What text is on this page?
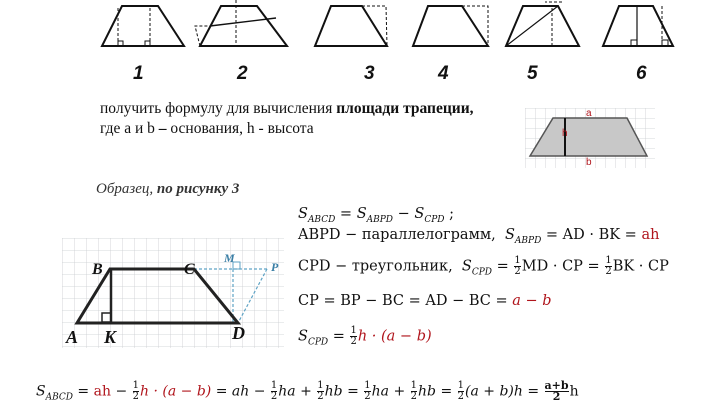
1	2	3	4	5	6
получить формулу для вычисления площади трапеции,
где a и b – основания, h - высота
a
h
b
Образец, по рисунку 3
B	C
M
P
A K	D
$S_{ABCD} = S_{ABPD} - S_{CPD}$ ;
ABPD − параллелограмм, $S_{ABPD}$ = AD · BK = ah
CPD − треугольник, $S_{CPD} = \frac{1}{2}$ MD · CP = $\frac{1}{2}$ BK · CP
CP = BP − BC = AD − BC = a − b
$S_{CPD} = \frac{1}{2}$ h · (a − b)
$S_{ABCD}$ = ah − $\frac{1}{2}$ h · (a − b) = ah − $\frac{1}{2}$ ha + $\frac{1}{2}$ hb = $\frac{1}{2}$ ha + $\frac{1}{2}$ hb = $\frac{1}{2} (a + b)h = \frac{a+b}{2}$ h
